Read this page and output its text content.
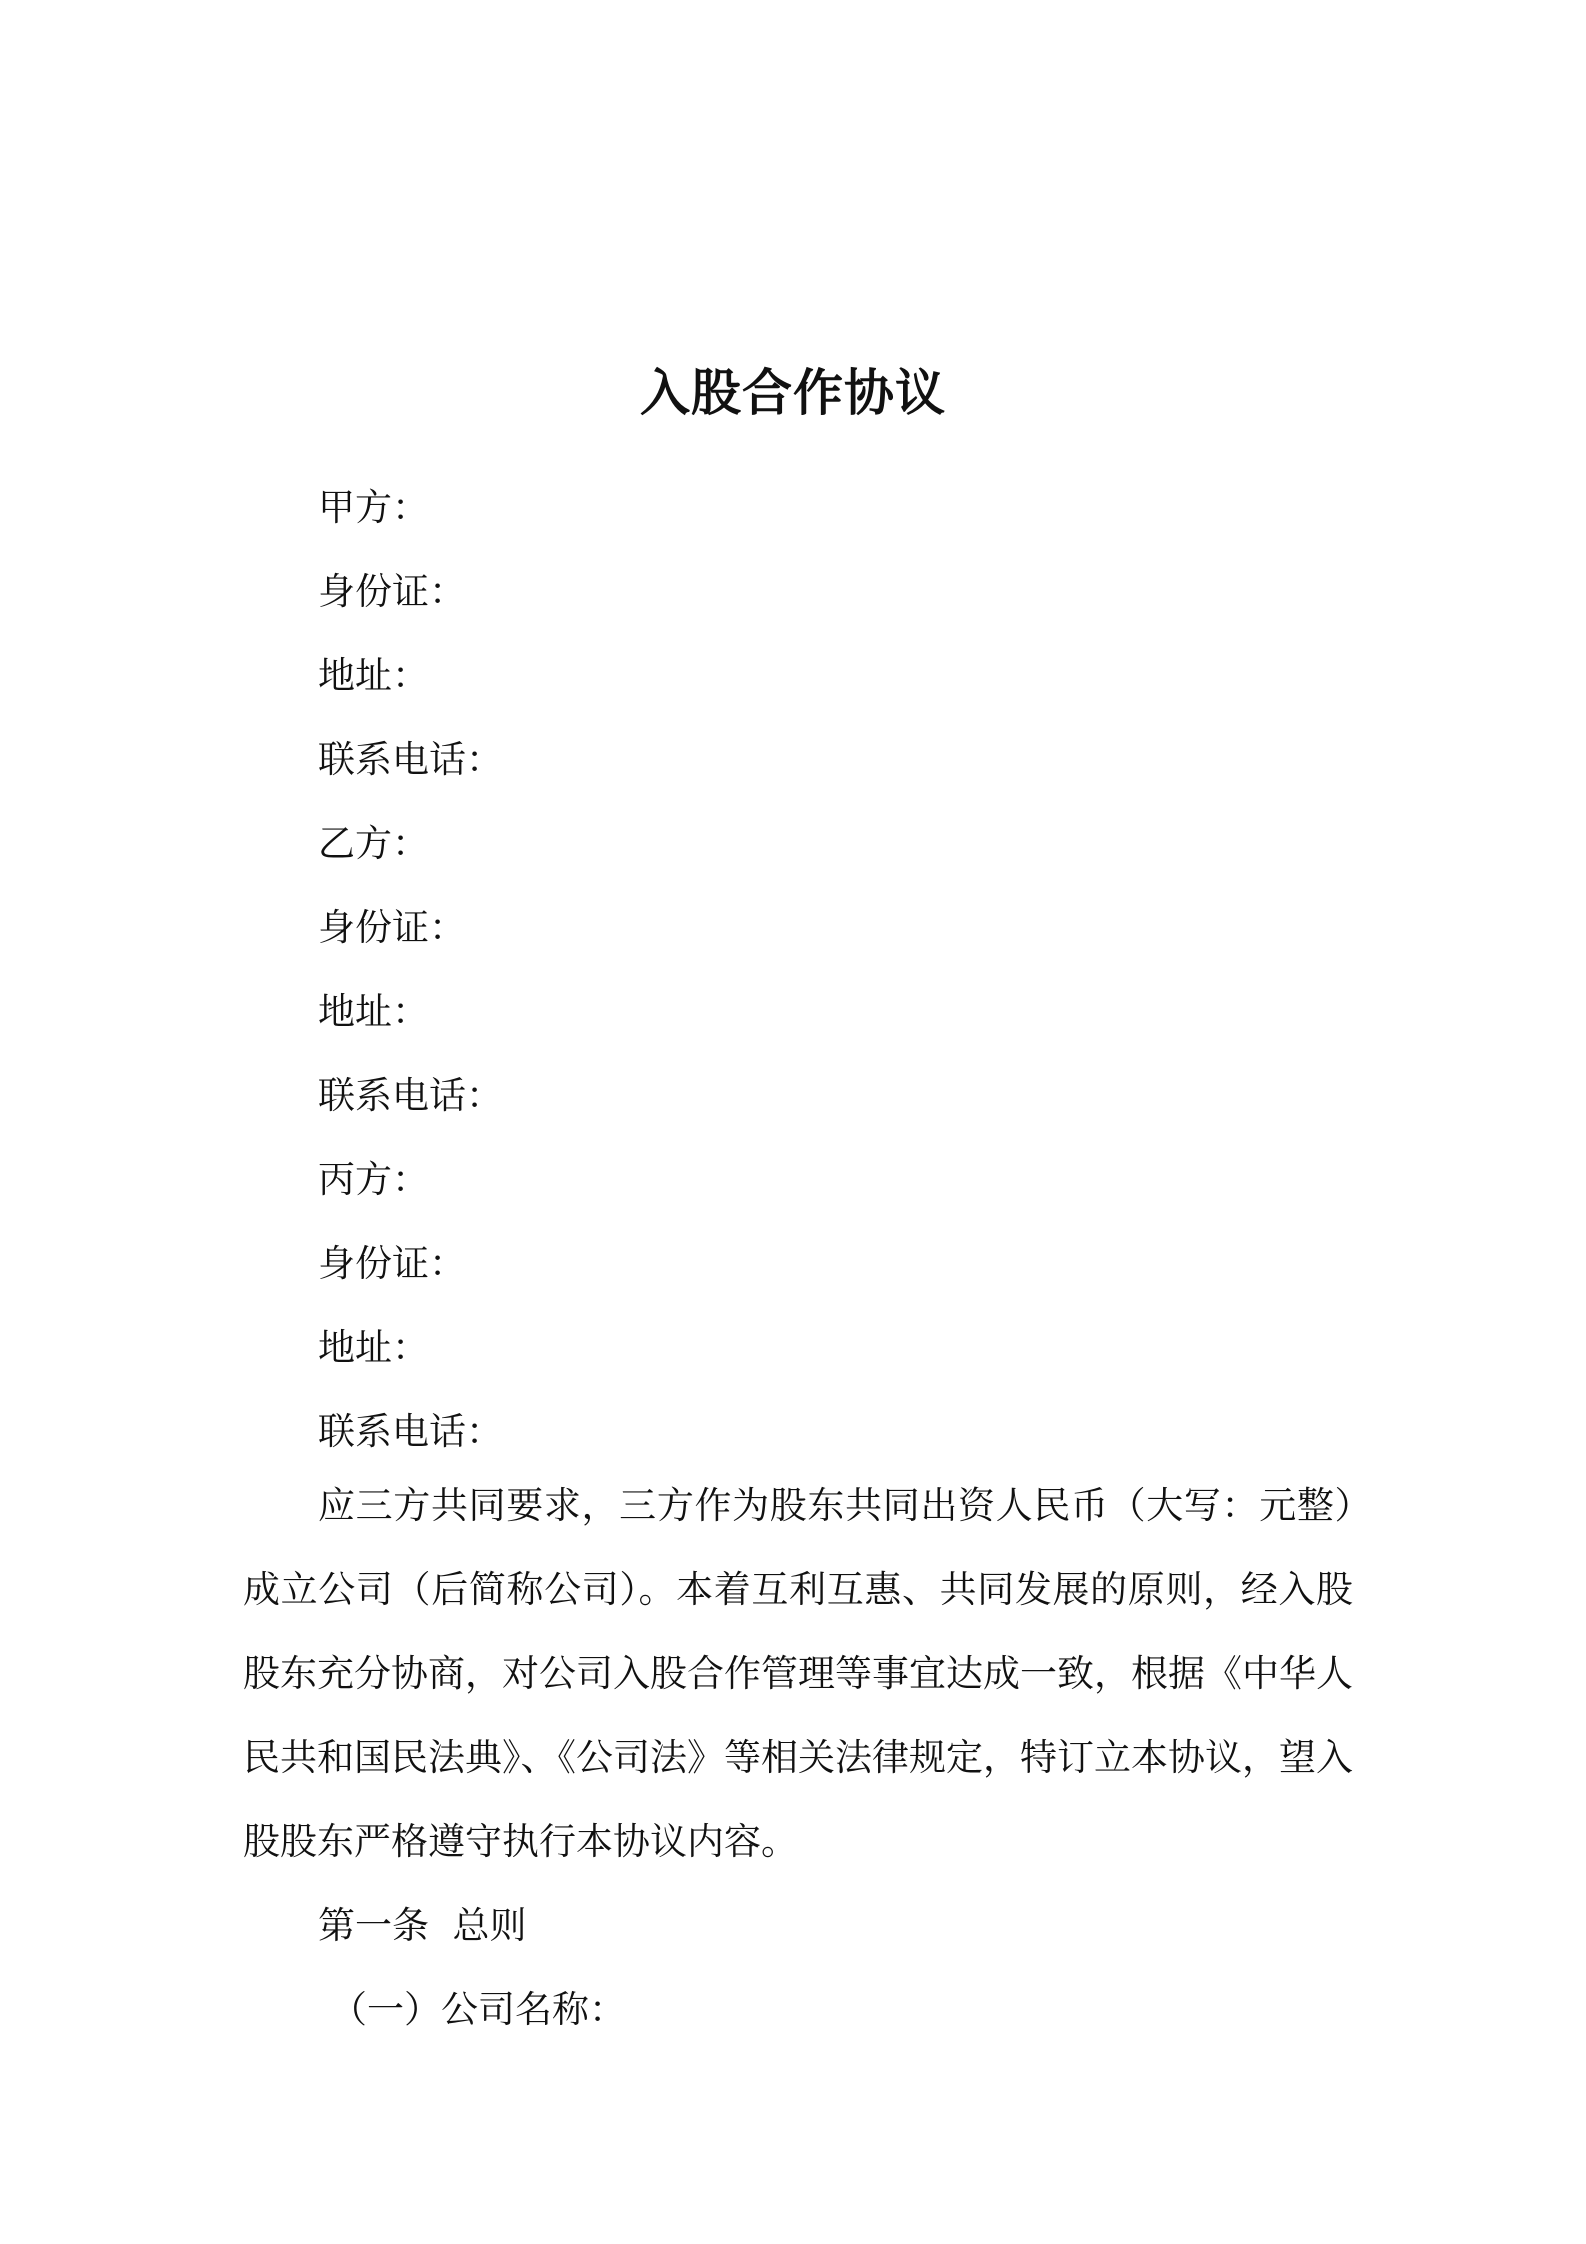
入股合作协议
甲方：
身份证：
地址：
联系电话：
乙方：
身份证：
地址：
联系电话：
丙方：
身份证：
地址：
联系电话：

应三方共同要求，三方作为股东共同出资人民币（大写：元整）成立公司（后简称公司）。本着互利互惠、共同发展的原则，经入股股东充分协商，对公司入股合作管理等事宜达成一致，根据《中华人民共和国民法典》、《公司法》等相关法律规定，特订立本协议，望入股股东严格遵守执行本协议内容。

第一条  总则
（一）公司名称：
